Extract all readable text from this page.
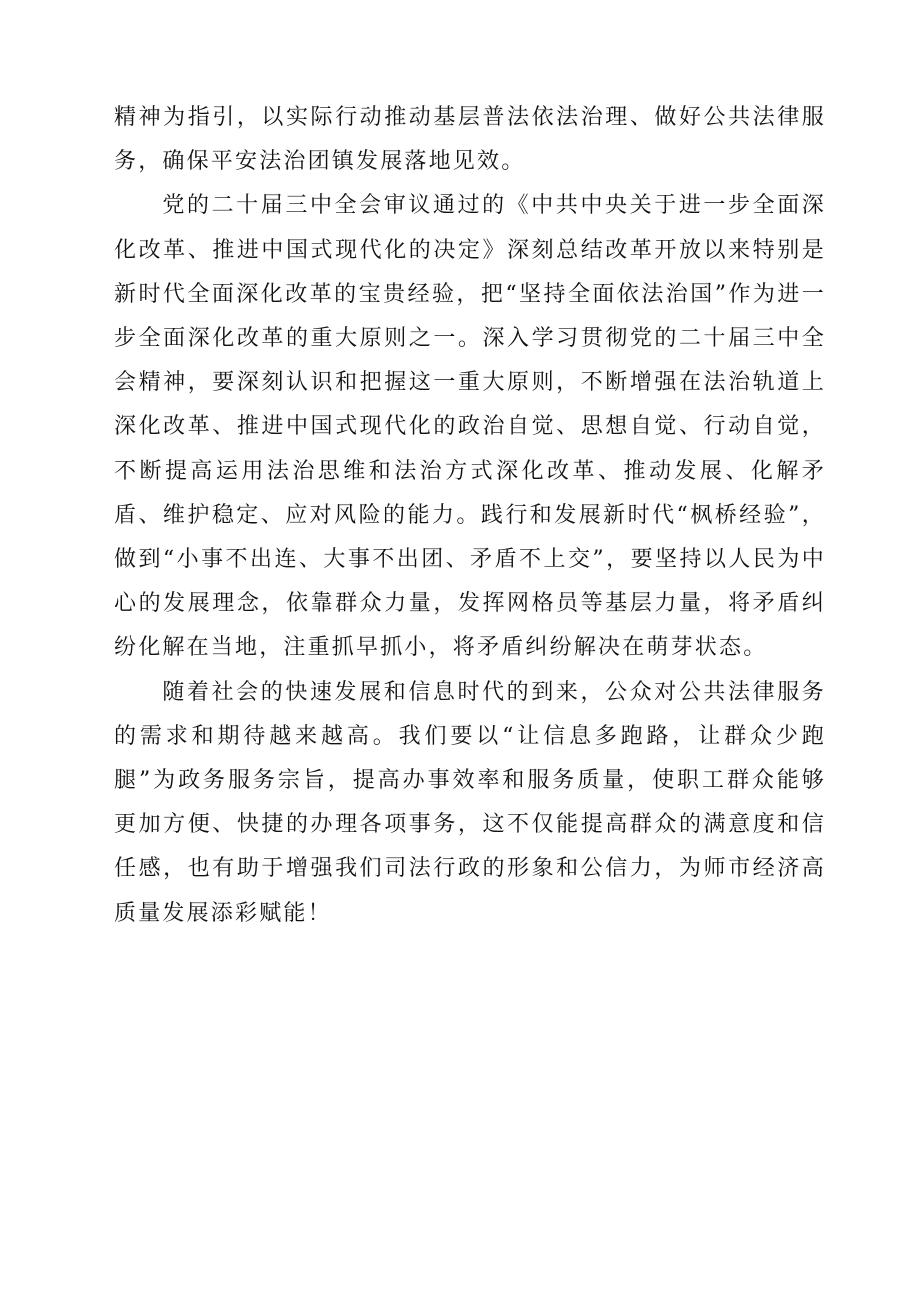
精神为指引，以实际行动推动基层普法依法治理、做好公共法律服务，确保平安法治团镇发展落地见效。

党的二十届三中全会审议通过的《中共中央关于进一步全面深化改革、推进中国式现代化的决定》深刻总结改革开放以来特别是新时代全面深化改革的宝贵经验，把“坚持全面依法治国”作为进一步全面深化改革的重大原则之一。深入学习贯彻党的二十届三中全会精神，要深刻认识和把握这一重大原则，不断增强在法治轨道上深化改革、推进中国式现代化的政治自觉、思想自觉、行动自觉，不断提高运用法治思维和法治方式深化改革、推动发展、化解矛盾、维护稳定、应对风险的能力。践行和发展新时代“枫桥经验”，做到“小事不出连、大事不出团、矛盾不上交”，要坚持以人民为中心的发展理念，依靠群众力量，发挥网格员等基层力量，将矛盾纠纷化解在当地，注重抓早抓小，将矛盾纠纷解决在萌芽状态。

随着社会的快速发展和信息时代的到来，公众对公共法律服务的需求和期待越来越高。我们要以“让信息多跑路，让群众少跑腿”为政务服务宗旨，提高办事效率和服务质量，使职工群众能够更加方便、快捷的办理各项事务，这不仅能提高群众的满意度和信任感，也有助于增强我们司法行政的形象和公信力，为师市经济高质量发展添彩赋能！
